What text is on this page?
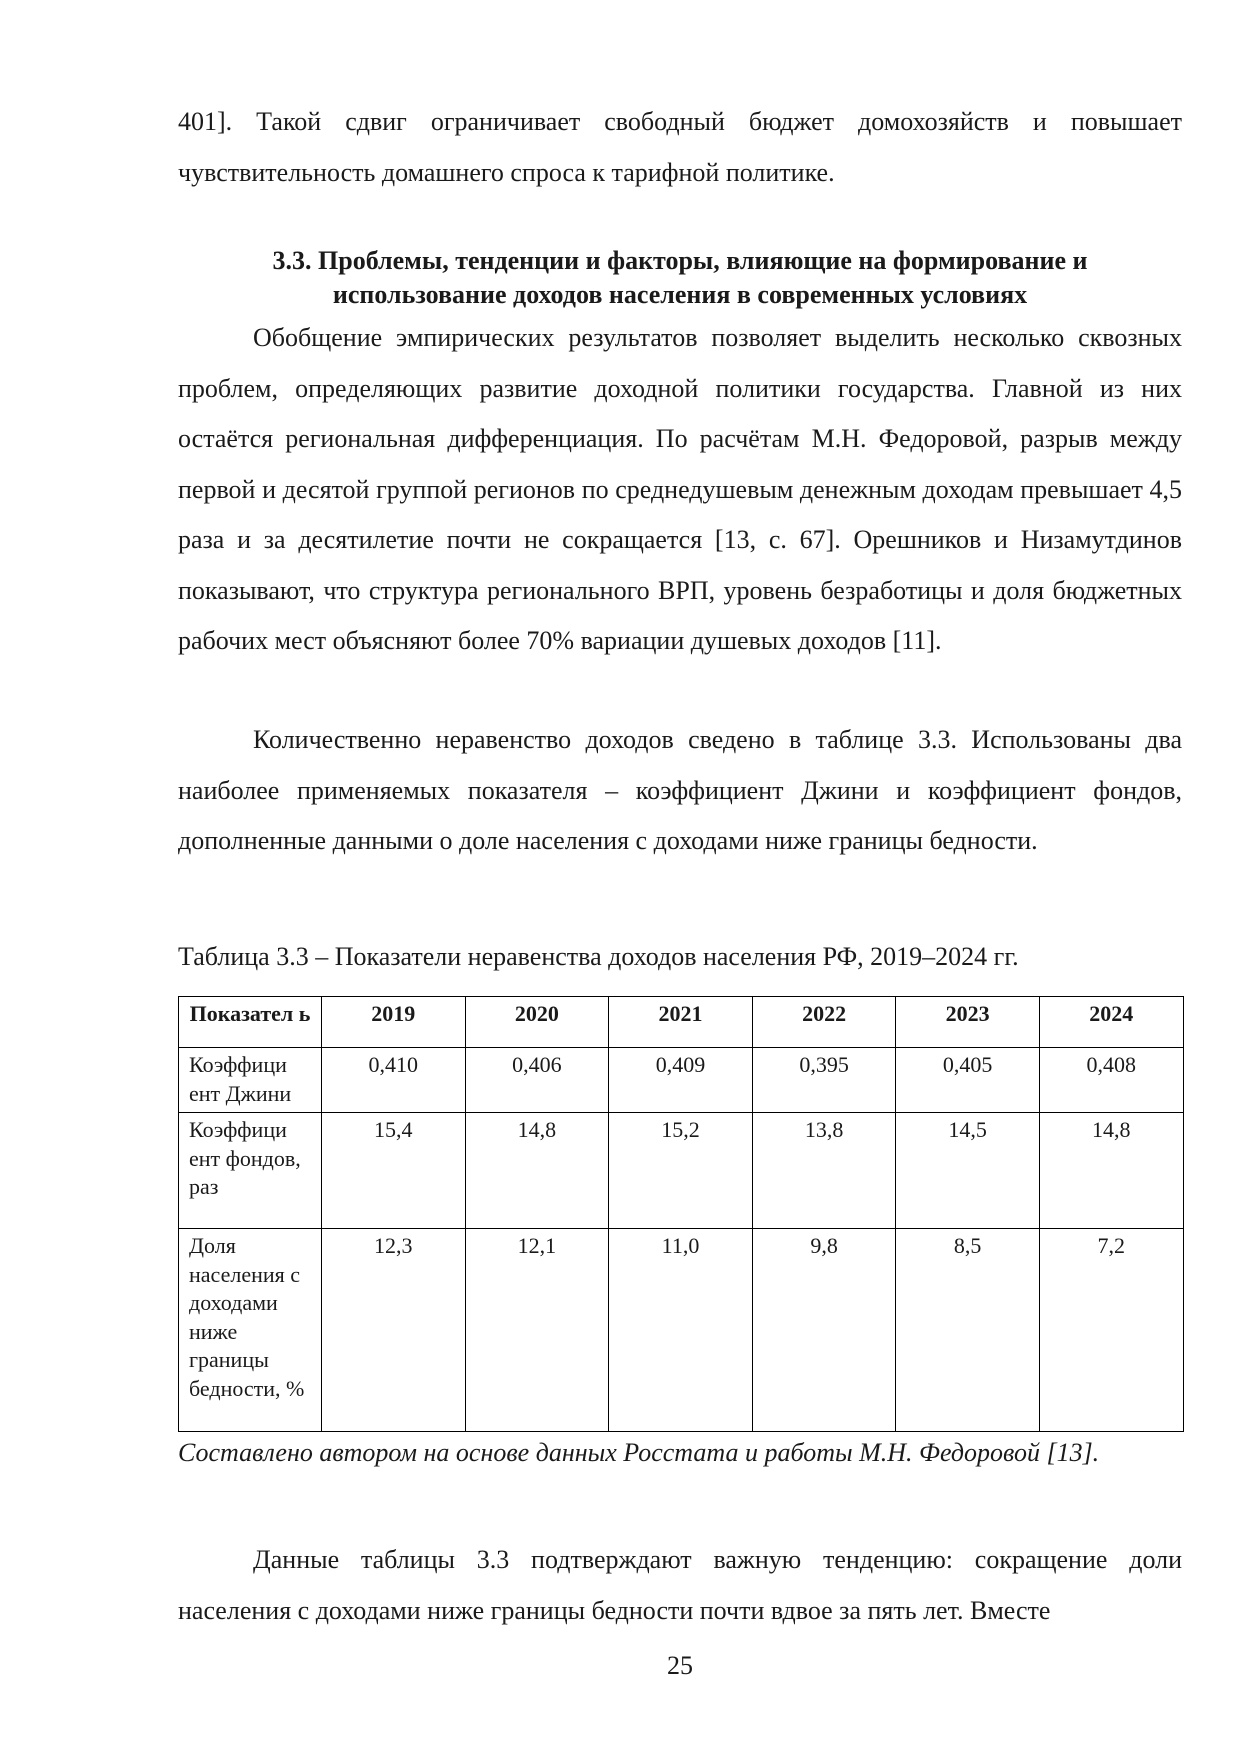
401]. Такой сдвиг ограничивает свободный бюджет домохозяйств и повышает чувствительность домашнего спроса к тарифной политике.

3.3. Проблемы, тенденции и факторы, влияющие на формирование и
использование доходов населения в современных условиях

Обобщение эмпирических результатов позволяет выделить несколько сквозных проблем, определяющих развитие доходной политики государства. Главной из них остаётся региональная дифференциация. По расчётам М.Н. Федоровой, разрыв между первой и десятой группой регионов по среднедушевым денежным доходам превышает 4,5 раза и за десятилетие почти не сокращается [13, с. 67]. Орешников и Низамутдинов показывают, что структура регионального ВРП, уровень безработицы и доля бюджетных рабочих мест объясняют более 70% вариации душевых доходов [11].

Количественно неравенство доходов сведено в таблице 3.3. Использованы два наиболее применяемых показателя – коэффициент Джини и коэффициент фондов, дополненные данными о доле населения с доходами ниже границы бедности.

Таблица 3.3 – Показатели неравенства доходов населения РФ, 2019–2024 гг.

Показател ь	2019	2020	2021	2022	2023	2024
Коэффици ент Джини	0,410	0,406	0,409	0,395	0,405	0,408
Коэффици ент фондов, раз	15,4	14,8	15,2	13,8	14,5	14,8
Доля населения с доходами ниже границы бедности, %	12,3	12,1	11,0	9,8	8,5	7,2

Составлено автором на основе данных Росстата и работы М.Н. Федоровой [13].

Данные таблицы 3.3 подтверждают важную тенденцию: сокращение доли населения с доходами ниже границы бедности почти вдвое за пять лет. Вместе

25
